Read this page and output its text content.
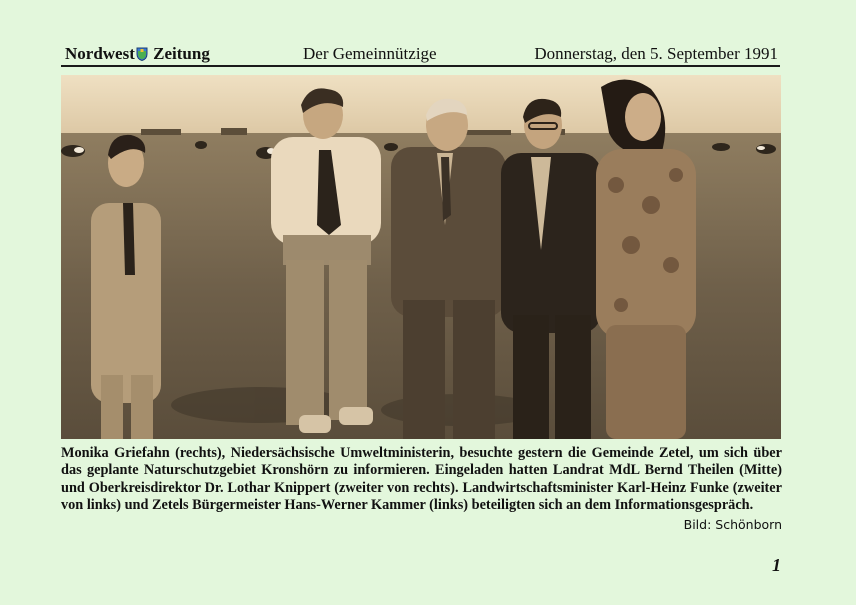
Nordwest Zeitung	Der Gemeinnützige	Donnerstag, den 5. September 1991
Monika Griefahn (rechts), Niedersächsische Umweltministerin, besuchte gestern die Gemeinde Zetel, um sich über das geplante Naturschutzgebiet Kronshörn zu informieren. Eingeladen hatten Landrat MdL Bernd Theilen (Mitte) und Oberkreisdirektor Dr. Lothar Knippert (zweiter von rechts). Landwirtschaftsminister Karl-Heinz Funke (zweiter von links) und Zetels Bürgermeister Hans-Werner Kammer (links) beteiligten sich an dem Informationsgespräch.
Bild: Schönborn
1
